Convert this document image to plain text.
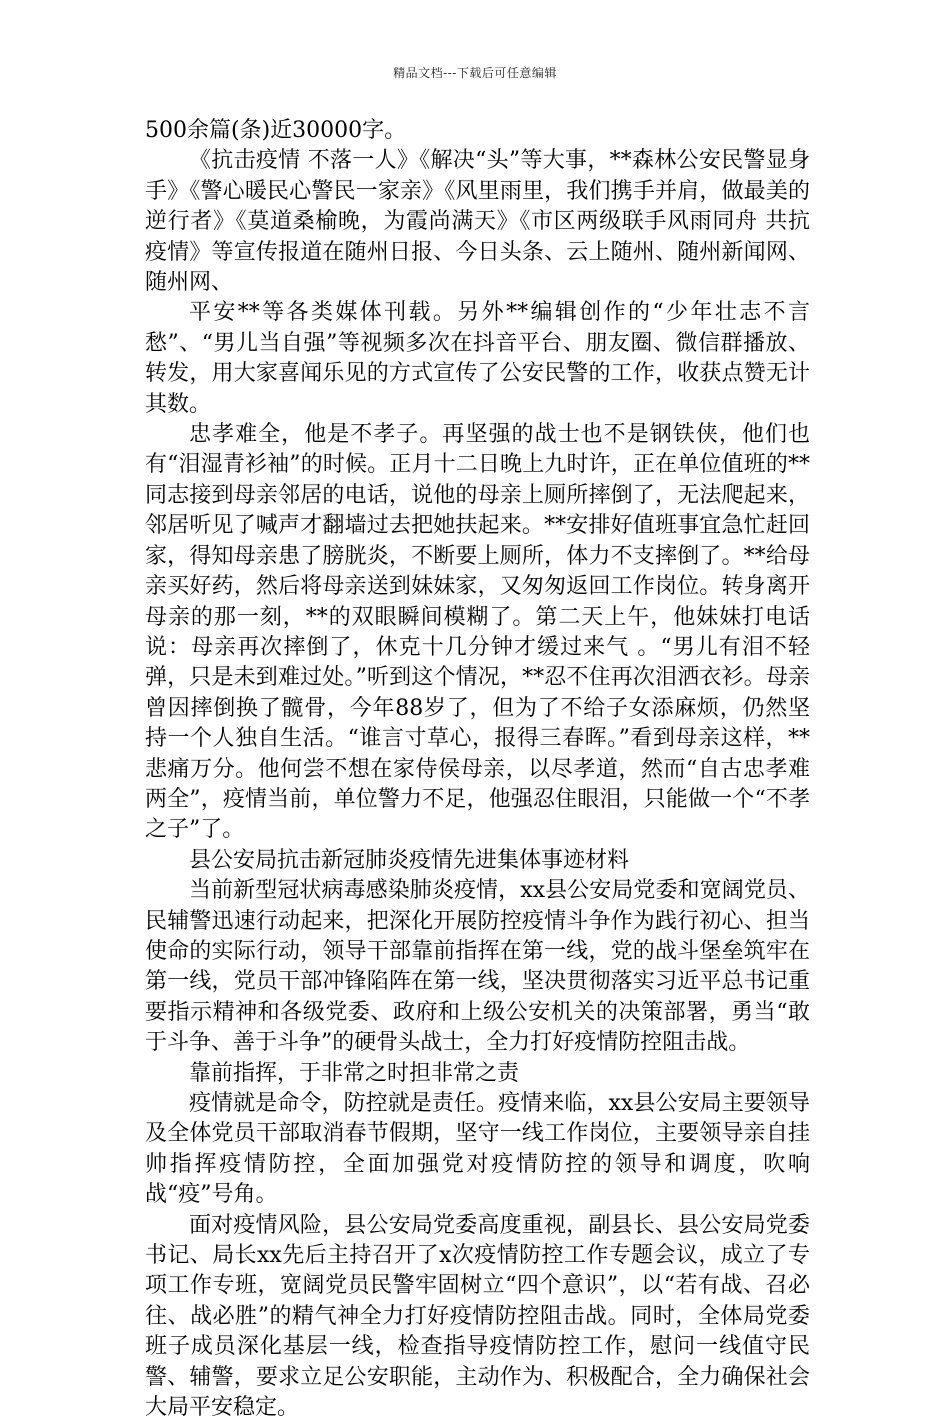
精品文档---下载后可任意编辑

500余篇(条)近30000字。

《抗击疫情 不落一人》《解决“头”等大事，**森林公安民警显身手》《警心暖民心警民一家亲》《风里雨里，我们携手并肩，做最美的逆行者》《莫道桑榆晚，为霞尚满天》《市区两级联手风雨同舟 共抗疫情》等宣传报道在随州日报、今日头条、云上随州、随州新闻网、随州网、

平安**等各类媒体刊载。另外**编辑创作的“少年壮志不言愁”、“男儿当自强”等视频多次在抖音平台、朋友圈、微信群播放、转发，用大家喜闻乐见的方式宣传了公安民警的工作，收获点赞无计其数。

忠孝难全，他是不孝子。再坚强的战士也不是钢铁侠，他们也有“泪湿青衫袖”的时候。正月十二日晚上九时许，正在单位值班的**同志接到母亲邻居的电话，说他的母亲上厕所摔倒了，无法爬起来，邻居听见了喊声才翻墙过去把她扶起来。**安排好值班事宜急忙赶回家，得知母亲患了膀胱炎，不断要上厕所，体力不支摔倒了。**给母亲买好药，然后将母亲送到妹妹家，又匆匆返回工作岗位。转身离开母亲的那一刻，**的双眼瞬间模糊了。第二天上午，他妹妹打电话说：母亲再次摔倒了，休克十几分钟才缓过来气 。“男儿有泪不轻弹，只是未到难过处。”听到这个情况，**忍不住再次泪洒衣衫。母亲曾因摔倒换了髋骨，今年88岁了，但为了不给子女添麻烦，仍然坚持一个人独自生活。“谁言寸草心，报得三春晖。”看到母亲这样，**悲痛万分。他何尝不想在家侍侯母亲，以尽孝道，然而“自古忠孝难两全”，疫情当前，单位警力不足，他强忍住眼泪，只能做一个“不孝之子”了。

县公安局抗击新冠肺炎疫情先进集体事迹材料

当前新型冠状病毒感染肺炎疫情，xx县公安局党委和宽阔党员、民辅警迅速行动起来，把深化开展防控疫情斗争作为践行初心、担当使命的实际行动，领导干部靠前指挥在第一线，党的战斗堡垒筑牢在第一线，党员干部冲锋陷阵在第一线，坚决贯彻落实习近平总书记重要指示精神和各级党委、政府和上级公安机关的决策部署，勇当“敢于斗争、善于斗争”的硬骨头战士，全力打好疫情防控阻击战。

靠前指挥，于非常之时担非常之责

疫情就是命令，防控就是责任。疫情来临，xx县公安局主要领导及全体党员干部取消春节假期，坚守一线工作岗位，主要领导亲自挂帅指挥疫情防控，全面加强党对疫情防控的领导和调度，吹响战“疫”号角。

面对疫情风险，县公安局党委高度重视，副县长、县公安局党委书记、局长xx先后主持召开了x次疫情防控工作专题会议，成立了专项工作专班，宽阔党员民警牢固树立“四个意识”，以“若有战、召必往、战必胜”的精气神全力打好疫情防控阻击战。同时，全体局党委班子成员深化基层一线，检查指导疫情防控工作，慰问一线值守民警、辅警，要求立足公安职能，主动作为、积极配合，全力确保社会大局平安稳定。
